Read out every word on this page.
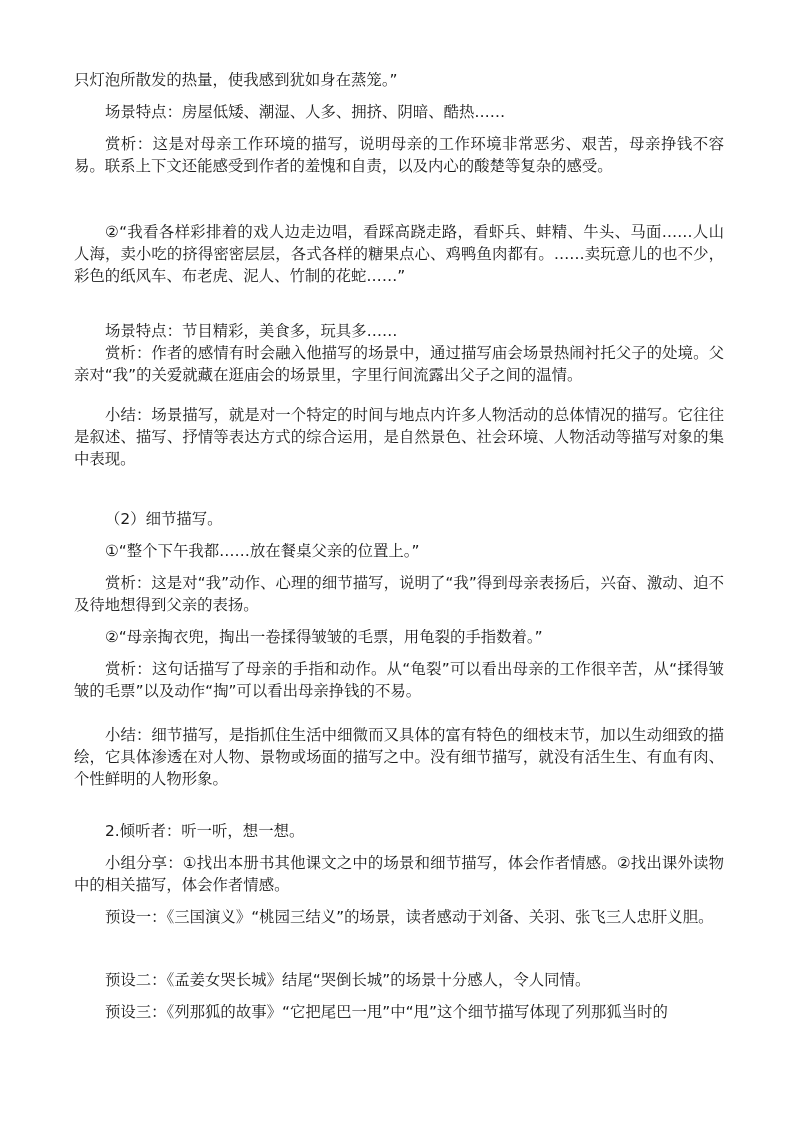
只灯泡所散发的热量，使我感到犹如身在蒸笼。”

场景特点：房屋低矮、潮湿、人多、拥挤、阴暗、酷热……

赏析：这是对母亲工作环境的描写，说明母亲的工作环境非常恶劣、艰苦，母亲挣钱不容易。联系上下文还能感受到作者的羞愧和自责，以及内心的酸楚等复杂的感受。

②“我看各样彩排着的戏人边走边唱，看踩高跷走路，看虾兵、蚌精、牛头、马面……人山人海，卖小吃的挤得密密层层，各式各样的糖果点心、鸡鸭鱼肉都有。……卖玩意儿的也不少，彩色的纸风车、布老虎、泥人、竹制的花蛇……”

场景特点：节目精彩，美食多，玩具多……

赏析：作者的感情有时会融入他描写的场景中，通过描写庙会场景热闹衬托父子的处境。父亲对“我”的关爱就藏在逛庙会的场景里，字里行间流露出父子之间的温情。

小结：场景描写，就是对一个特定的时间与地点内许多人物活动的总体情况的描写。它往往是叙述、描写、抒情等表达方式的综合运用，是自然景色、社会环境、人物活动等描写对象的集中表现。

（2）细节描写。

①“整个下午我都……放在餐桌父亲的位置上。”

赏析：这是对“我”动作、心理的细节描写，说明了“我”得到母亲表扬后，兴奋、激动、迫不及待地想得到父亲的表扬。

②“母亲掏衣兜，掏出一卷揉得皱皱的毛票，用龟裂的手指数着。”

赏析：这句话描写了母亲的手指和动作。从“龟裂”可以看出母亲的工作很辛苦，从“揉得皱皱的毛票”以及动作“掏”可以看出母亲挣钱的不易。

小结：细节描写，是指抓住生活中细微而又具体的富有特色的细枝末节，加以生动细致的描绘，它具体渗透在对人物、景物或场面的描写之中。没有细节描写，就没有活生生、有血有肉、个性鲜明的人物形象。

2.倾听者：听一听，想一想。

小组分享：①找出本册书其他课文之中的场景和细节描写，体会作者情感。②找出课外读物中的相关描写，体会作者情感。

预设一：《三国演义》“桃园三结义”的场景，读者感动于刘备、关羽、张飞三人忠肝义胆。

预设二：《孟姜女哭长城》结尾“哭倒长城”的场景十分感人，令人同情。

预设三：《列那狐的故事》“它把尾巴一甩”中“甩”这个细节描写体现了列那狐当时的
